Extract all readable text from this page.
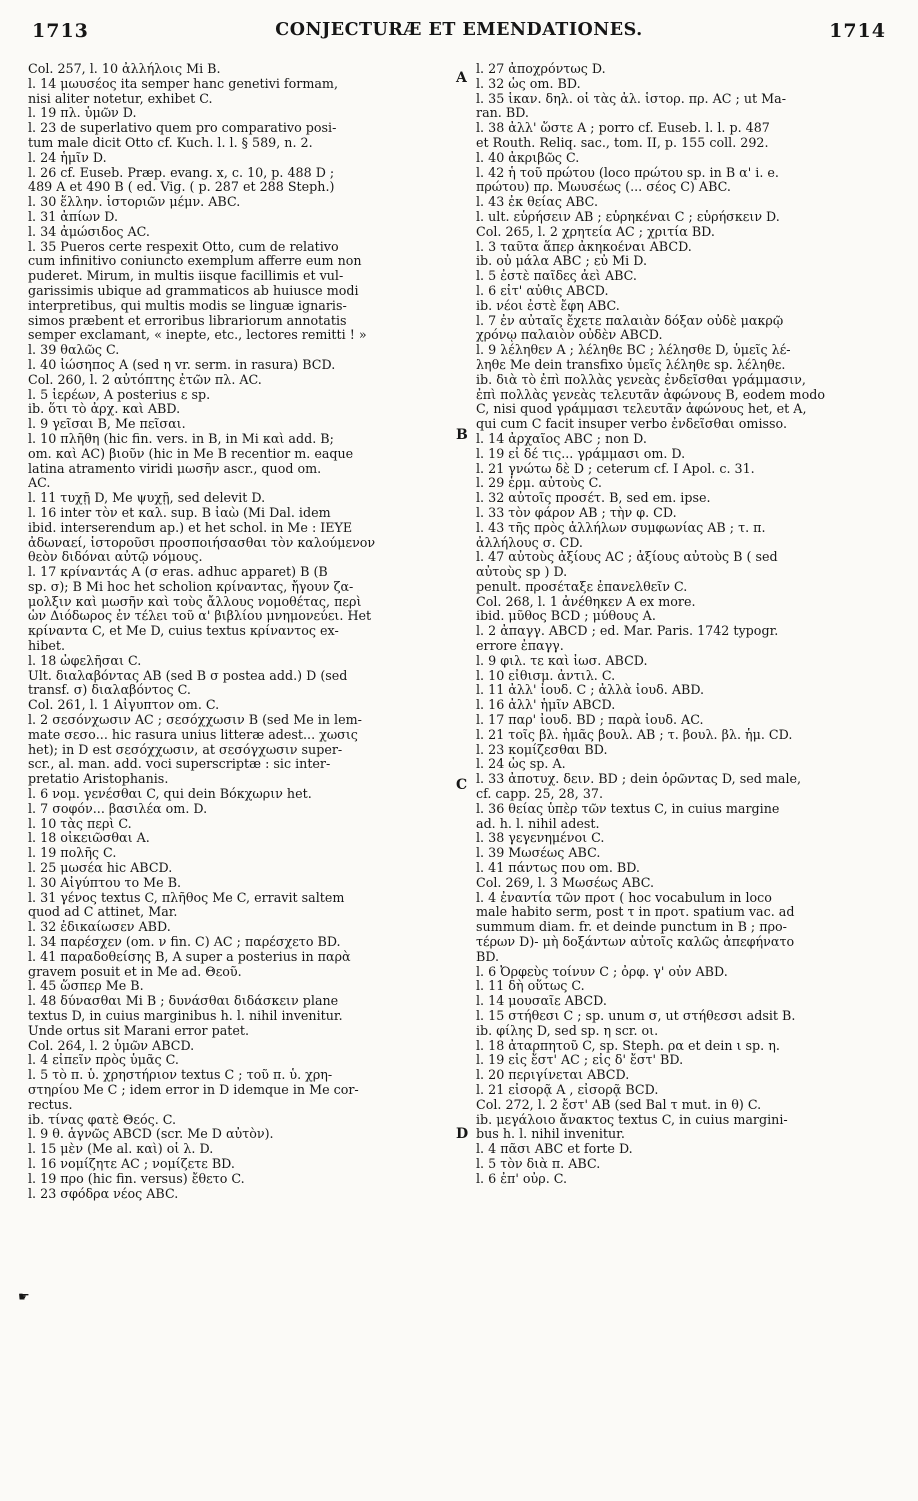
1713	CONJECTURÆ ET EMENDATIONES.	1714
Col. 257, l. 10 ἀλλήλοις Mi B.
l. 14 μωυσέος ita semper hanc genetivi formam,
nisi aliter notetur, exhibet C.
l. 19 πλ. ὑμῶν D.
l. 23 de superlativo quem pro comparativo posi-
tum male dicit Otto cf. Kuch. l. l. § 589, n. 2.
l. 24 ἡμῖν D.
l. 26 cf. Euseb. Præp. evang. x, c. 10, p. 488 D ;
489 A et 490 B ( ed. Vig. ( p. 287 et 288 Steph.)
l. 30 ἕλλην. ἱστοριῶν μέμν. ABC.
l. 31 ἀπίων D.
l. 34 ἀμώσιδος AC.
l. 35 Pueros certe respexit Otto, cum de relativo
cum infinitivo coniuncto exemplum afferre eum non
puderet. Mirum, in multis iisque facillimis et vul-
garissimis ubique ad grammaticos ab huiusce modi
interpretibus, qui multis modis se linguæ ignaris-
simos præbent et erroribus librariorum annotatis
semper exclamant, « inepte, etc., lectores remitti ! »
l. 39 θαλῶς C.
l. 40 ἰώσηπος A (sed η vr. serm. in rasura) BCD.
Col. 260, l. 2 αὐτόπτης ἐτῶν πλ. AC.
l. 5 ἱερέων, A posterius ε sp.
ib. ὅτι τὸ ἀρχ. καὶ ABD.
l. 9 γεῖσαι B, Me πεῖσαι.
l. 10 πλῆθη (hic fin. vers. in B, in Mi καὶ add. B;
om. καὶ AC) βιοῦν (hic in Me B recentior m. eaque
latina atramento viridi μωσῆν ascr., quod om.
AC.
l. 11 τυχῇ D, Me ψυχῇ, sed delevit D.
l. 16 inter τὸν et καλ. sup. B ἰαὼ (Mi Dal. idem
ibid. interserendum ap.) et het schol. in Me : ΙΕΥΕ
ἀδωναεί, ἱστοροῦσι προσποιήσασθαι τὸν καλούμενον
θεὸν διδόναι αὐτῷ νόμους.
l. 17 κρίναντάς A (σ eras. adhuc apparet) B (B
sp. σ); B Mi hoc het scholion κρίναντας, ἤγουν ζα-
μολξιν καὶ μωσῆν καὶ τοὺς ἄλλους νομοθέτας, περὶ
ὧν Διόδωρος ἐν τέλει τοῦ α' βιβλίου μνημονεύει. Het
κρίναντα C, et Me D, cuius textus κρίναντος ex-
hibet.
l. 18 ὠφελῆσαι C.
Ult. διαλαβόντας AB (sed B σ postea add.) D (sed
transf. σ) διαλαβόντος C.
Col. 261, l. 1 Αἰγυπτον om. C.
l. 2 σεσόνχωσιν AC ; σεσόχχωσιν B (sed Me in lem-
mate σεσο... hic rasura unius litteræ adest... χωσις
het); in D est σεσόχχωσιν, at σεσόγχωσιν super-
scr., al. man. add. voci superscriptæ : sic inter-
pretatio Aristophanis.
l. 6 νομ. γενέσθαι C, qui dein Βόκχωριν het.
l. 7 σοφόν... βασιλέα om. D.
l. 10 τὰς περὶ C.
l. 18 οἰκειῶσθαι A.
l. 19 πολῆς C.
l. 25 μωσέα hic ABCD.
l. 30 Αἰγύπτου το Me B.
l. 31 γένος textus C, πλῆθος Me C, erravit saltem
quod ad C attinet, Mar.
l. 32 ἐδικαίωσεν ABD.
l. 34 παρέσχεν (om. ν fin. C) AC ; παρέσχετο BD.
l. 41 παραδοθείσης B, A super a posterius in παρὰ
gravem posuit et in Me ad. Θεοῦ.
l. 45 ὥσπερ Me B.
l. 48 δύνασθαι Mi B ; δυνάσθαι διδάσκειν plane
textus D, in cuius marginibus h. l. nihil invenitur.
Unde ortus sit Marani error patet.
Col. 264, l. 2 ὑμῶν ABCD.
l. 4 εἰπεῖν πρὸς ὑμᾶς C.
l. 5 τὸ π. ὑ. χρηστήριον textus C ; τοῦ π. ὑ. χρη-
στηρίου Me C ; idem error in D idemque in Me cor-
rectus.
ib. τίνας φατὲ Θεός. C.
l. 9 θ. ἁγνῶς ABCD (scr. Me D αὐτὸν).
l. 15 μὲν (Me al. καὶ) οἱ λ. D.
l. 16 νομίζητε AC ; νομίζετε BD.
l. 19 προ (hic fin. versus) ἔθετο C.
l. 23 σφόδρα νέος ABC.
l. 27 ἀποχρόντως D.
l. 32 ὡς om. BD.
l. 35 ἱκαν. δηλ. οἱ τὰς ἀλ. ἱστορ. πρ. AC ; ut Ma-
ran. BD.
l. 38 ἀλλ' ὥστε A ; porro cf. Euseb. l. l. p. 487
et Routh. Reliq. sac., tom. II, p. 155 coll. 292.
l. 40 ἀκριβῶς C.
l. 42 ἡ τοῦ πρώτου (loco πρώτου sp. in B α' i. e.
πρώτου) πρ. Μωυσέως (... σέος C) ABC.
l. 43 ἐκ θείας ABC.
l. ult. εὑρήσειν AB ; εὑρηκέναι C ; εὑρήσκειν D.
Col. 265, l. 2 χρητεία AC ; χριτία BD.
l. 3 ταῦτα ἅπερ ἀκηκοέναι ABCD.
ib. οὐ μάλα ABC ; εὖ Mi D.
l. 5 ἐστὲ παῖδες ἀεὶ ABC.
l. 6 εἶτ' αὖθις ABCD.
ib. νέοι ἐστὲ ἔφη ABC.
l. 7 ἐν αὐταῖς ἔχετε παλαιὰν δόξαν οὐδὲ μακρῷ
χρόνῳ παλαιὸν οὐδὲν ABCD.
l. 9 λέληθεν A ; λέληθε BC ; λέλησθε D, ὑμεῖς λέ-
ληθε Me dein transfixo ὑμεῖς λέληθε sp. λέληθε.
ib. διὰ τὸ ἐπὶ πολλὰς γενεὰς ἐνδεῖσθαι γράμμασιν,
ἐπὶ πολλὰς γενεὰς τελευτᾶν ἀφώνους B, eodem modo
C, nisi quod γράμμασι τελευτᾶν ἀφώνους het, et A,
qui cum C facit insuper verbo ἐνδεῖσθαι omisso.
l. 14 ἀρχαῖος ABC ; non D.
l. 19 εἰ δέ τις... γράμμασι om. D.
l. 21 γνώτω δὲ D ; ceterum cf. I Apol. c. 31.
l. 29 ἑρμ. αὐτοὺς C.
l. 32 αὐτοῖς προσέτ. B, sed em. ipse.
l. 33 τὸν φάρον AB ; τὴν φ. CD.
l. 43 τῆς πρὸς ἀλλήλων συμφωνίας AB ; τ. π.
ἀλλήλους σ. CD.
l. 47 αὐτοὺς ἀξίους AC ; ἀξίους αὐτοὺς B ( sed
αὐτοὺς sp ) D.
penult. προσέταξε ἐπανελθεῖν C.
Col. 268, l. 1 ἀνέθηκεν A ex more.
ibid. μῦθος BCD ; μύθους A.
l. 2 ἀπαγγ. ABCD ; ed. Mar. Paris. 1742 typogr.
errore ἐπαγγ.
l. 9 φιλ. τε καὶ ἰωσ. ABCD.
l. 10 εἰθισμ. ἀντιλ. C.
l. 11 ἀλλ' ἰουδ. C ; ἀλλὰ ἰουδ. ABD.
l. 16 ἀλλ' ἡμῖν ABCD.
l. 17 παρ' ἰουδ. BD ; παρὰ ἰουδ. AC.
l. 21 τοῖς βλ. ἡμᾶς βουλ. AB ; τ. βουλ. βλ. ἡμ. CD.
l. 23 κομίζεσθαι BD.
l. 24 ὡς sp. A.
l. 33 ἀποτυχ. δειν. BD ; dein ὁρῶντας D, sed male,
cf. capp. 25, 28, 37.
l. 36 θείας ὑπὲρ τῶν textus C, in cuius margine
ad. h. l. nihil adest.
l. 38 γεγενημένοι C.
l. 39 Μωσέως ABC.
l. 41 πάντως που om. BD.
Col. 269, l. 3 Μωσέως ABC.
l. 4 ἐναντία τῶν προτ ( hoc vocabulum in loco
male habito serm, post τ in προτ. spatium vac. ad
summum diam. fr. et deinde punctum in B ; προ-
τέρων D)- μὴ δοξάντων αὐτοῖς καλῶς ἀπεφήνατο
BD.
l. 6 Ὀρφεὺς τοίνυν C ; ὀρφ. γ' οὖν ABD.
l. 11 δὴ οὕτως C.
l. 14 μουσαῖε ABCD.
l. 15 στήθεσι C ; sp. unum σ, ut στήθεσσι adsit B.
ib. φίλης D, sed sp. η scr. οι.
l. 18 ἀταρπητοῦ C, sp. Steph. ρα et dein ι sp. η.
l. 19 εἰς ἔστ' AC ; εἰς δ' ἔστ' BD.
l. 20 περιγίνεται ABCD.
l. 21 εἰσορᾷ A , εἰσορᾷ BCD.
Col. 272, l. 2 ἔστ' AB (sed Bal τ mut. in θ) C.
ib. μεγάλοιο ἄνακτος textus C, in cuius margini-
bus h. l. nihil invenitur.
l. 4 πᾶσι ABC et forte D.
l. 5 τὸν διὰ π. ABC.
l. 6 ἐπ' οὐρ. C.
A
B
C
D
☛
